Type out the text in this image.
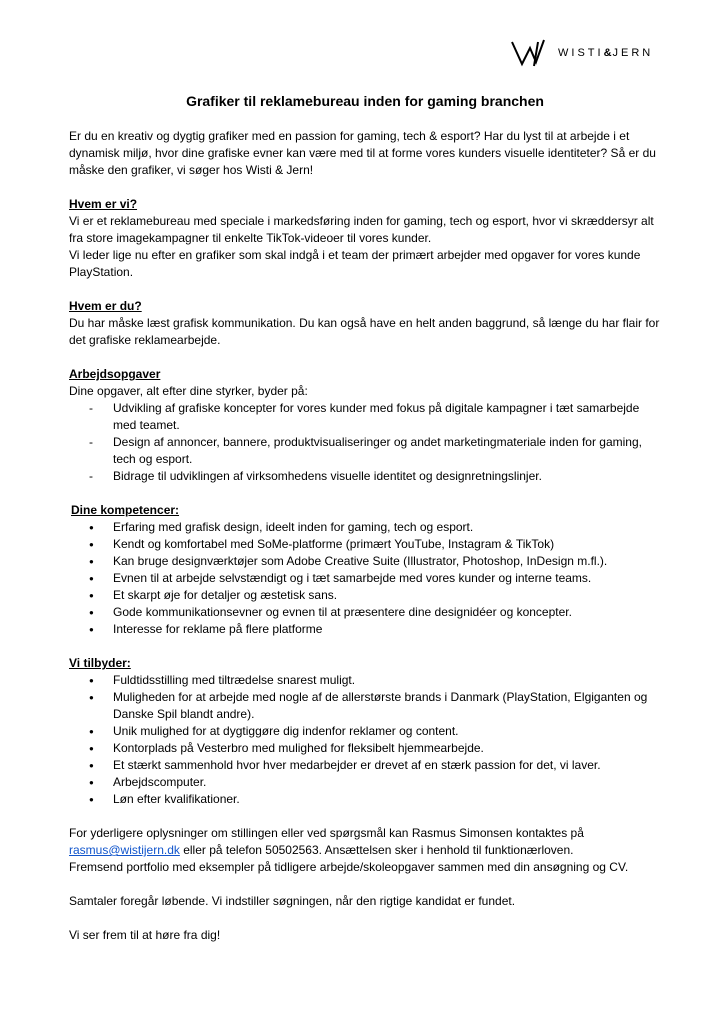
WISTI&JERN
Grafiker til reklamebureau inden for gaming branchen

Er du en kreativ og dygtig grafiker med en passion for gaming, tech & esport? Har du lyst til at arbejde i et dynamisk miljø, hvor dine grafiske evner kan være med til at forme vores kunders visuelle identiteter? Så er du måske den grafiker, vi søger hos Wisti & Jern!

Hvem er vi?

Vi er et reklamebureau med speciale i markedsføring inden for gaming, tech og esport, hvor vi skræddersyr alt fra store imagekampagner til enkelte TikTok-videoer til vores kunder.

Vi leder lige nu efter en grafiker som skal indgå i et team der primært arbejder med opgaver for vores kunde PlayStation.

Hvem er du?

Du har måske læst grafisk kommunikation. Du kan også have en helt anden baggrund, så længe du har flair for det grafiske reklamearbejde.

Arbejdsopgaver

Dine opgaver, alt efter dine styrker, byder på:

- Udvikling af grafiske koncepter for vores kunder med fokus på digitale kampagner i tæt samarbejde med teamet.
- Design af annoncer, bannere, produktvisualiseringer og andet marketingmateriale inden for gaming, tech og esport.
- Bidrage til udviklingen af virksomhedens visuelle identitet og designretningslinjer.

Dine kompetencer:

● Erfaring med grafisk design, ideelt inden for gaming, tech og esport.
● Kendt og komfortabel med SoMe-platforme (primært YouTube, Instagram & TikTok)
● Kan bruge designværktøjer som Adobe Creative Suite (Illustrator, Photoshop, InDesign m.fl.).
● Evnen til at arbejde selvstændigt og i tæt samarbejde med vores kunder og interne teams.
● Et skarpt øje for detaljer og æstetisk sans.
● Gode kommunikationsevner og evnen til at præsentere dine designidéer og koncepter.
● Interesse for reklame på flere platforme

Vi tilbyder:

● Fuldtidsstilling med tiltrædelse snarest muligt.
● Muligheden for at arbejde med nogle af de allerstørste brands i Danmark (PlayStation, Elgiganten og Danske Spil blandt andre).
● Unik mulighed for at dygtiggøre dig indenfor reklamer og content.
● Kontorplads på Vesterbro med mulighed for fleksibelt hjemmearbejde.
● Et stærkt sammenhold hvor hver medarbejder er drevet af en stærk passion for det, vi laver.
● Arbejdscomputer.
● Løn efter kvalifikationer.

For yderligere oplysninger om stillingen eller ved spørgsmål kan Rasmus Simonsen kontaktes på

rasmus@wistijern.dk eller på telefon 50502563. Ansættelsen sker i henhold til funktionærloven.

Fremsend portfolio med eksempler på tidligere arbejde/skoleopgaver sammen med din ansøgning og CV.

Samtaler foregår løbende. Vi indstiller søgningen, når den rigtige kandidat er fundet.

Vi ser frem til at høre fra dig!
